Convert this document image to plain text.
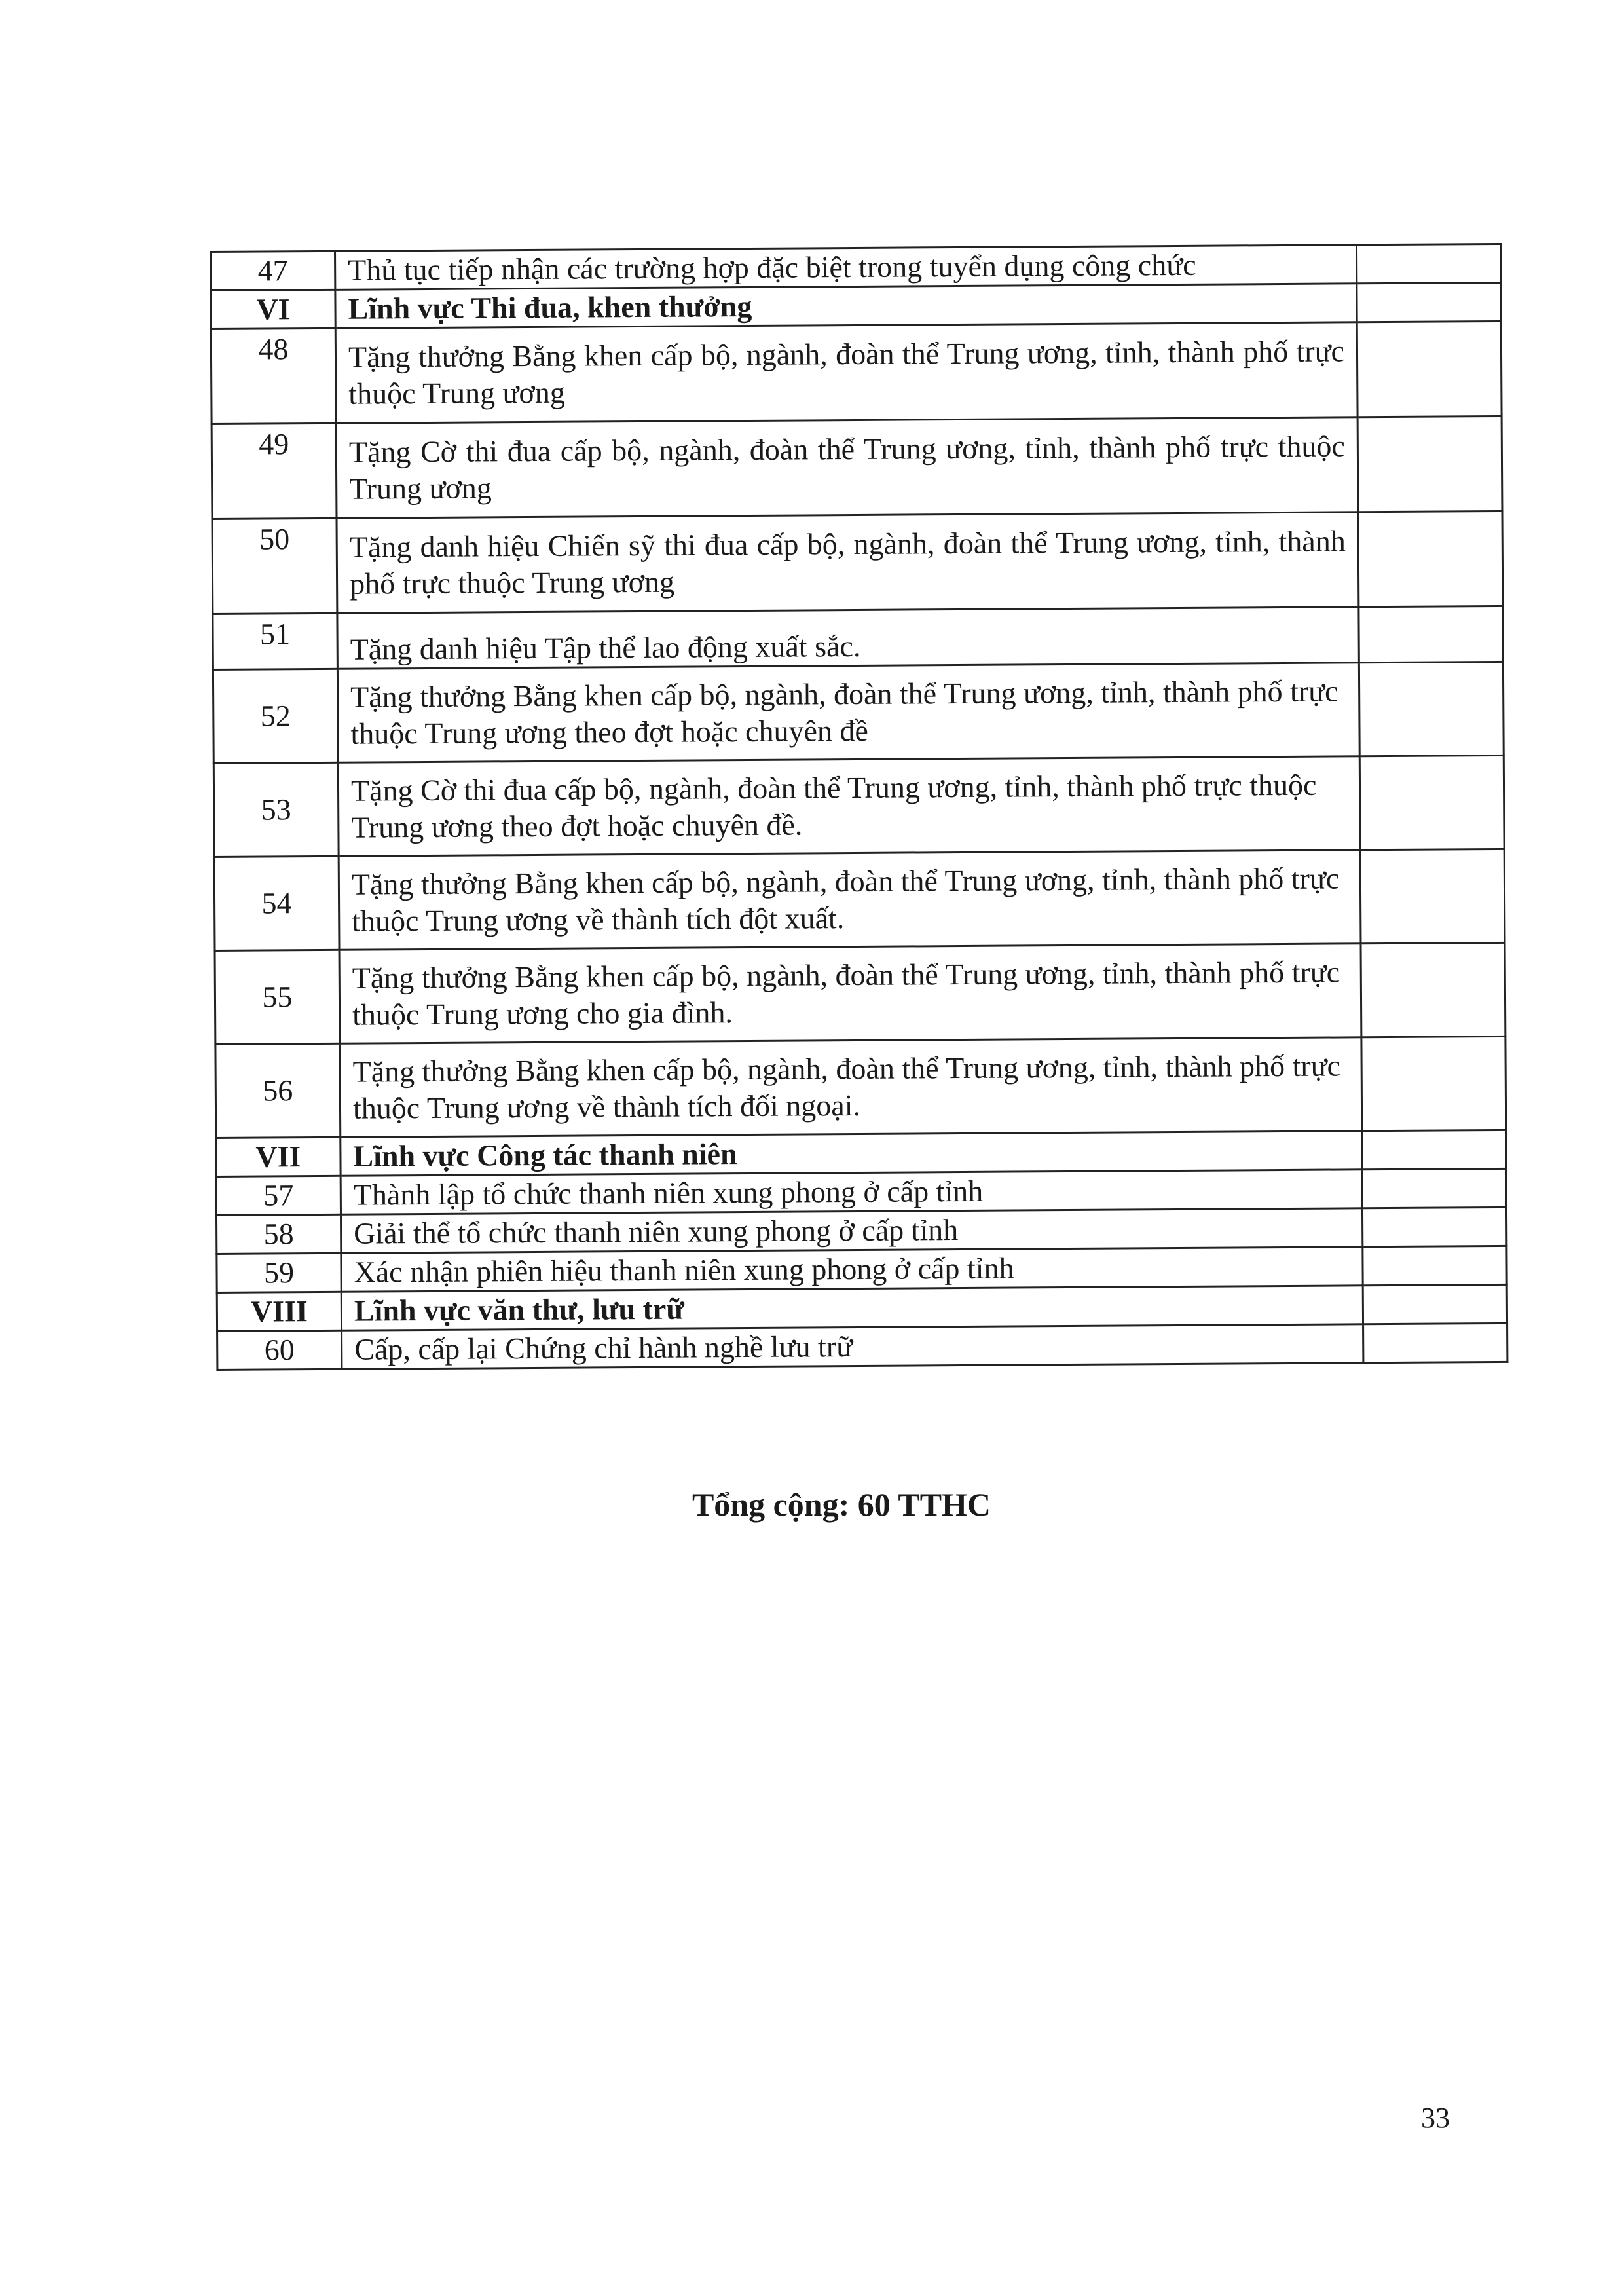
47	Thủ tục tiếp nhận các trường hợp đặc biệt trong tuyển dụng công chức	
VI	Lĩnh vực Thi đua, khen thưởng	
48	Tặng thưởng Bằng khen cấp bộ, ngành, đoàn thể Trung ương, tỉnh, thành phố trực thuộc Trung ương	
49	Tặng Cờ thi đua cấp bộ, ngành, đoàn thể Trung ương, tỉnh, thành phố trực thuộc Trung ương	
50	Tặng danh hiệu Chiến sỹ thi đua cấp bộ, ngành, đoàn thể Trung ương, tỉnh, thành phố trực thuộc Trung ương	
51	Tặng danh hiệu Tập thể lao động xuất sắc.	
52	Tặng thưởng Bằng khen cấp bộ, ngành, đoàn thể Trung ương, tỉnh, thành phố trực thuộc Trung ương theo đợt hoặc chuyên đề	
53	Tặng Cờ thi đua cấp bộ, ngành, đoàn thể Trung ương, tỉnh, thành phố trực thuộc Trung ương theo đợt hoặc chuyên đề.	
54	Tặng thưởng Bằng khen cấp bộ, ngành, đoàn thể Trung ương, tỉnh, thành phố trực thuộc Trung ương về thành tích đột xuất.	
55	Tặng thưởng Bằng khen cấp bộ, ngành, đoàn thể Trung ương, tỉnh, thành phố trực thuộc Trung ương cho gia đình.	
56	Tặng thưởng Bằng khen cấp bộ, ngành, đoàn thể Trung ương, tỉnh, thành phố trực thuộc Trung ương về thành tích đối ngoại.	
VII	Lĩnh vực Công tác thanh niên	
57	Thành lập tổ chức thanh niên xung phong ở cấp tỉnh	
58	Giải thể tổ chức thanh niên xung phong ở cấp tỉnh	
59	Xác nhận phiên hiệu thanh niên xung phong ở cấp tỉnh	
VIII	Lĩnh vực văn thư, lưu trữ	
60	Cấp, cấp lại Chứng chỉ hành nghề lưu trữ	
Tổng cộng: 60 TTHC
33
